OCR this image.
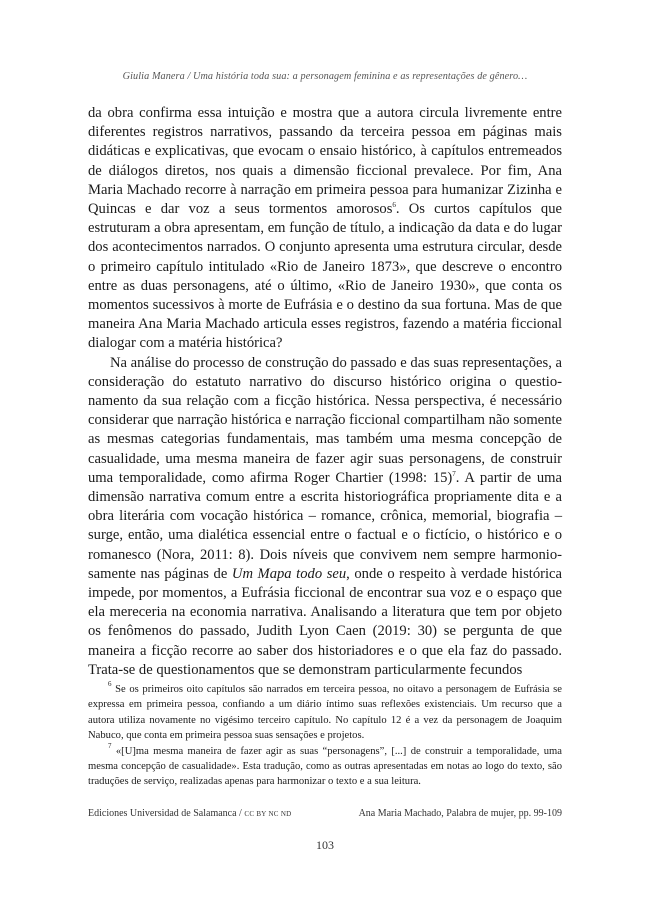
Giulia Manera / Uma história toda sua: a personagem feminina e as representações de gênero…

da obra confirma essa intuição e mostra que a autora circula livremente entre diferentes registros narrativos, passando da terceira pessoa em páginas mais didáticas e explicativas, que evocam o ensaio histórico, à capítulos entremeados de diálogos diretos, nos quais a dimensão ficcional prevalece. Por fim, Ana Maria Machado recorre à narração em primeira pessoa para humanizar Zizinha e Quincas e dar voz a seus tormentos amorosos$^6$. Os curtos capítulos que estruturam a obra apresentam, em função de título, a indicação da data e do lugar dos acontecimentos narrados. O conjunto apresenta uma estrutura circular, desde o primeiro capítulo intitulado «Rio de Janeiro 1873», que descreve o encontro entre as duas personagens, até o último, «Rio de Janeiro 1930», que conta os momentos sucessivos à morte de Eufrásia e o destino da sua fortuna. Mas de que maneira Ana Maria Machado articula esses registros, fazendo a matéria ficcional dialogar com a matéria histórica?

Na análise do processo de construção do passado e das suas representações, a consideração do estatuto narrativo do discurso histórico origina o questionamento da sua relação com a ficção histórica. Nessa perspectiva, é necessário considerar que narração histórica e narração ficcional compartilham não somente as mesmas categorias fundamentais, mas também uma mesma concepção de casualidade, uma mesma maneira de fazer agir suas personagens, de construir uma temporalidade, como afirma Roger Chartier (1998: 15)$^7$. A partir de uma dimensão narrativa comum entre a escrita historiográfica propriamente dita e a obra literária com vocação histórica – romance, crônica, memorial, biografia – surge, então, uma dialética essencial entre o factual e o fictício, o histórico e o romanesco (Nora, 2011: 8). Dois níveis que convivem nem sempre harmoniosamente nas páginas de Um Mapa todo seu, onde o respeito à verdade histórica impede, por momentos, a Eufrásia ficcional de encontrar sua voz e o espaço que ela mereceria na economia narrativa. Analisando a literatura que tem por objeto os fenômenos do passado, Judith Lyon Caen (2019: 30) se pergunta de que maneira a ficção recorre ao saber dos historiadores e o que ela faz do passado. Trata-se de questionamentos que se demonstram particularmente fecundos

$^6$ Se os primeiros oito capítulos são narrados em terceira pessoa, no oitavo a personagem de Eufrásia se expressa em primeira pessoa, confiando a um diário íntimo suas reflexões existenciais. Um recurso que a autora utiliza novamente no vigésimo terceiro capítulo. No capítulo 12 é a vez da personagem de Joaquim Nabuco, que conta em primeira pessoa suas sensações e projetos.

$^7$ «[U]ma mesma maneira de fazer agir as suas “personagens”, [...] de construir a temporalidade, uma mesma concepção de casualidade». Esta tradução, como as outras apresentadas em notas ao logo do texto, são traduções de serviço, realizadas apenas para harmonizar o texto e a sua leitura.

Ediciones Universidad de Salamanca / CC BY NC ND	Ana Maria Machado, Palabra de mujer, pp. 99-109
103
